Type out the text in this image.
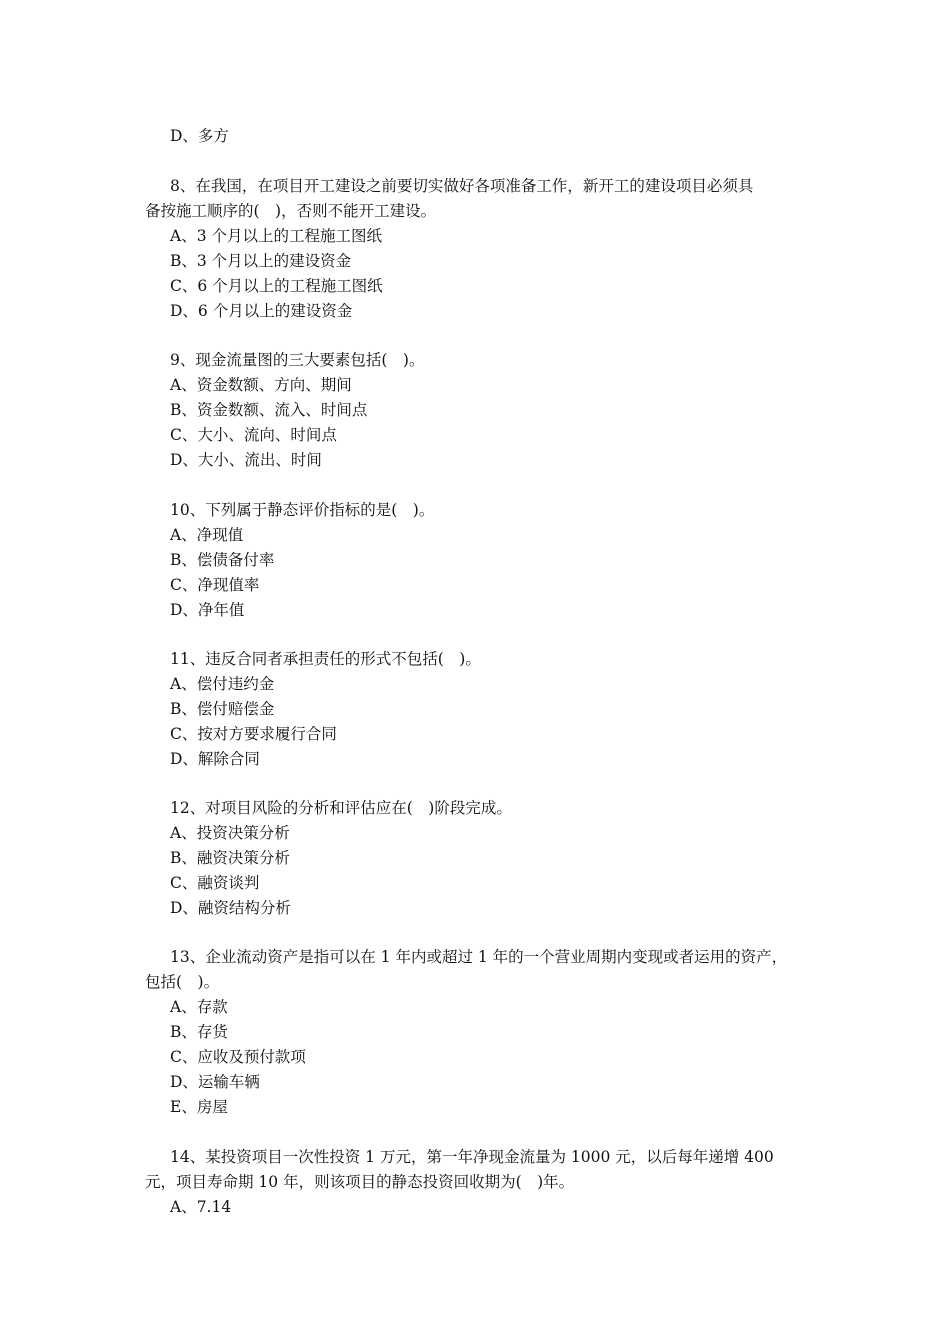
D、多方
8、在我国，在项目开工建设之前要切实做好各项准备工作，新开工的建设项目必须具
备按施工顺序的(　)，否则不能开工建设。
A、3 个月以上的工程施工图纸
B、3 个月以上的建设资金
C、6 个月以上的工程施工图纸
D、6 个月以上的建设资金
9、现金流量图的三大要素包括(　)。
A、资金数额、方向、期间
B、资金数额、流入、时间点
C、大小、流向、时间点
D、大小、流出、时间
10、下列属于静态评价指标的是(　)。
A、净现值
B、偿债备付率
C、净现值率
D、净年值
11、违反合同者承担责任的形式不包括(　)。
A、偿付违约金
B、偿付赔偿金
C、按对方要求履行合同
D、解除合同
12、对项目风险的分析和评估应在(　)阶段完成。
A、投资决策分析
B、融资决策分析
C、融资谈判
D、融资结构分析
13、企业流动资产是指可以在 1 年内或超过 1 年的一个营业周期内变现或者运用的资产，
包括(　)。
A、存款
B、存货
C、应收及预付款项
D、运输车辆
E、房屋
14、某投资项目一次性投资 1 万元，第一年净现金流量为 1000 元，以后每年递增 400
元，项目寿命期 10 年，则该项目的静态投资回收期为(　)年。
A、7.14
